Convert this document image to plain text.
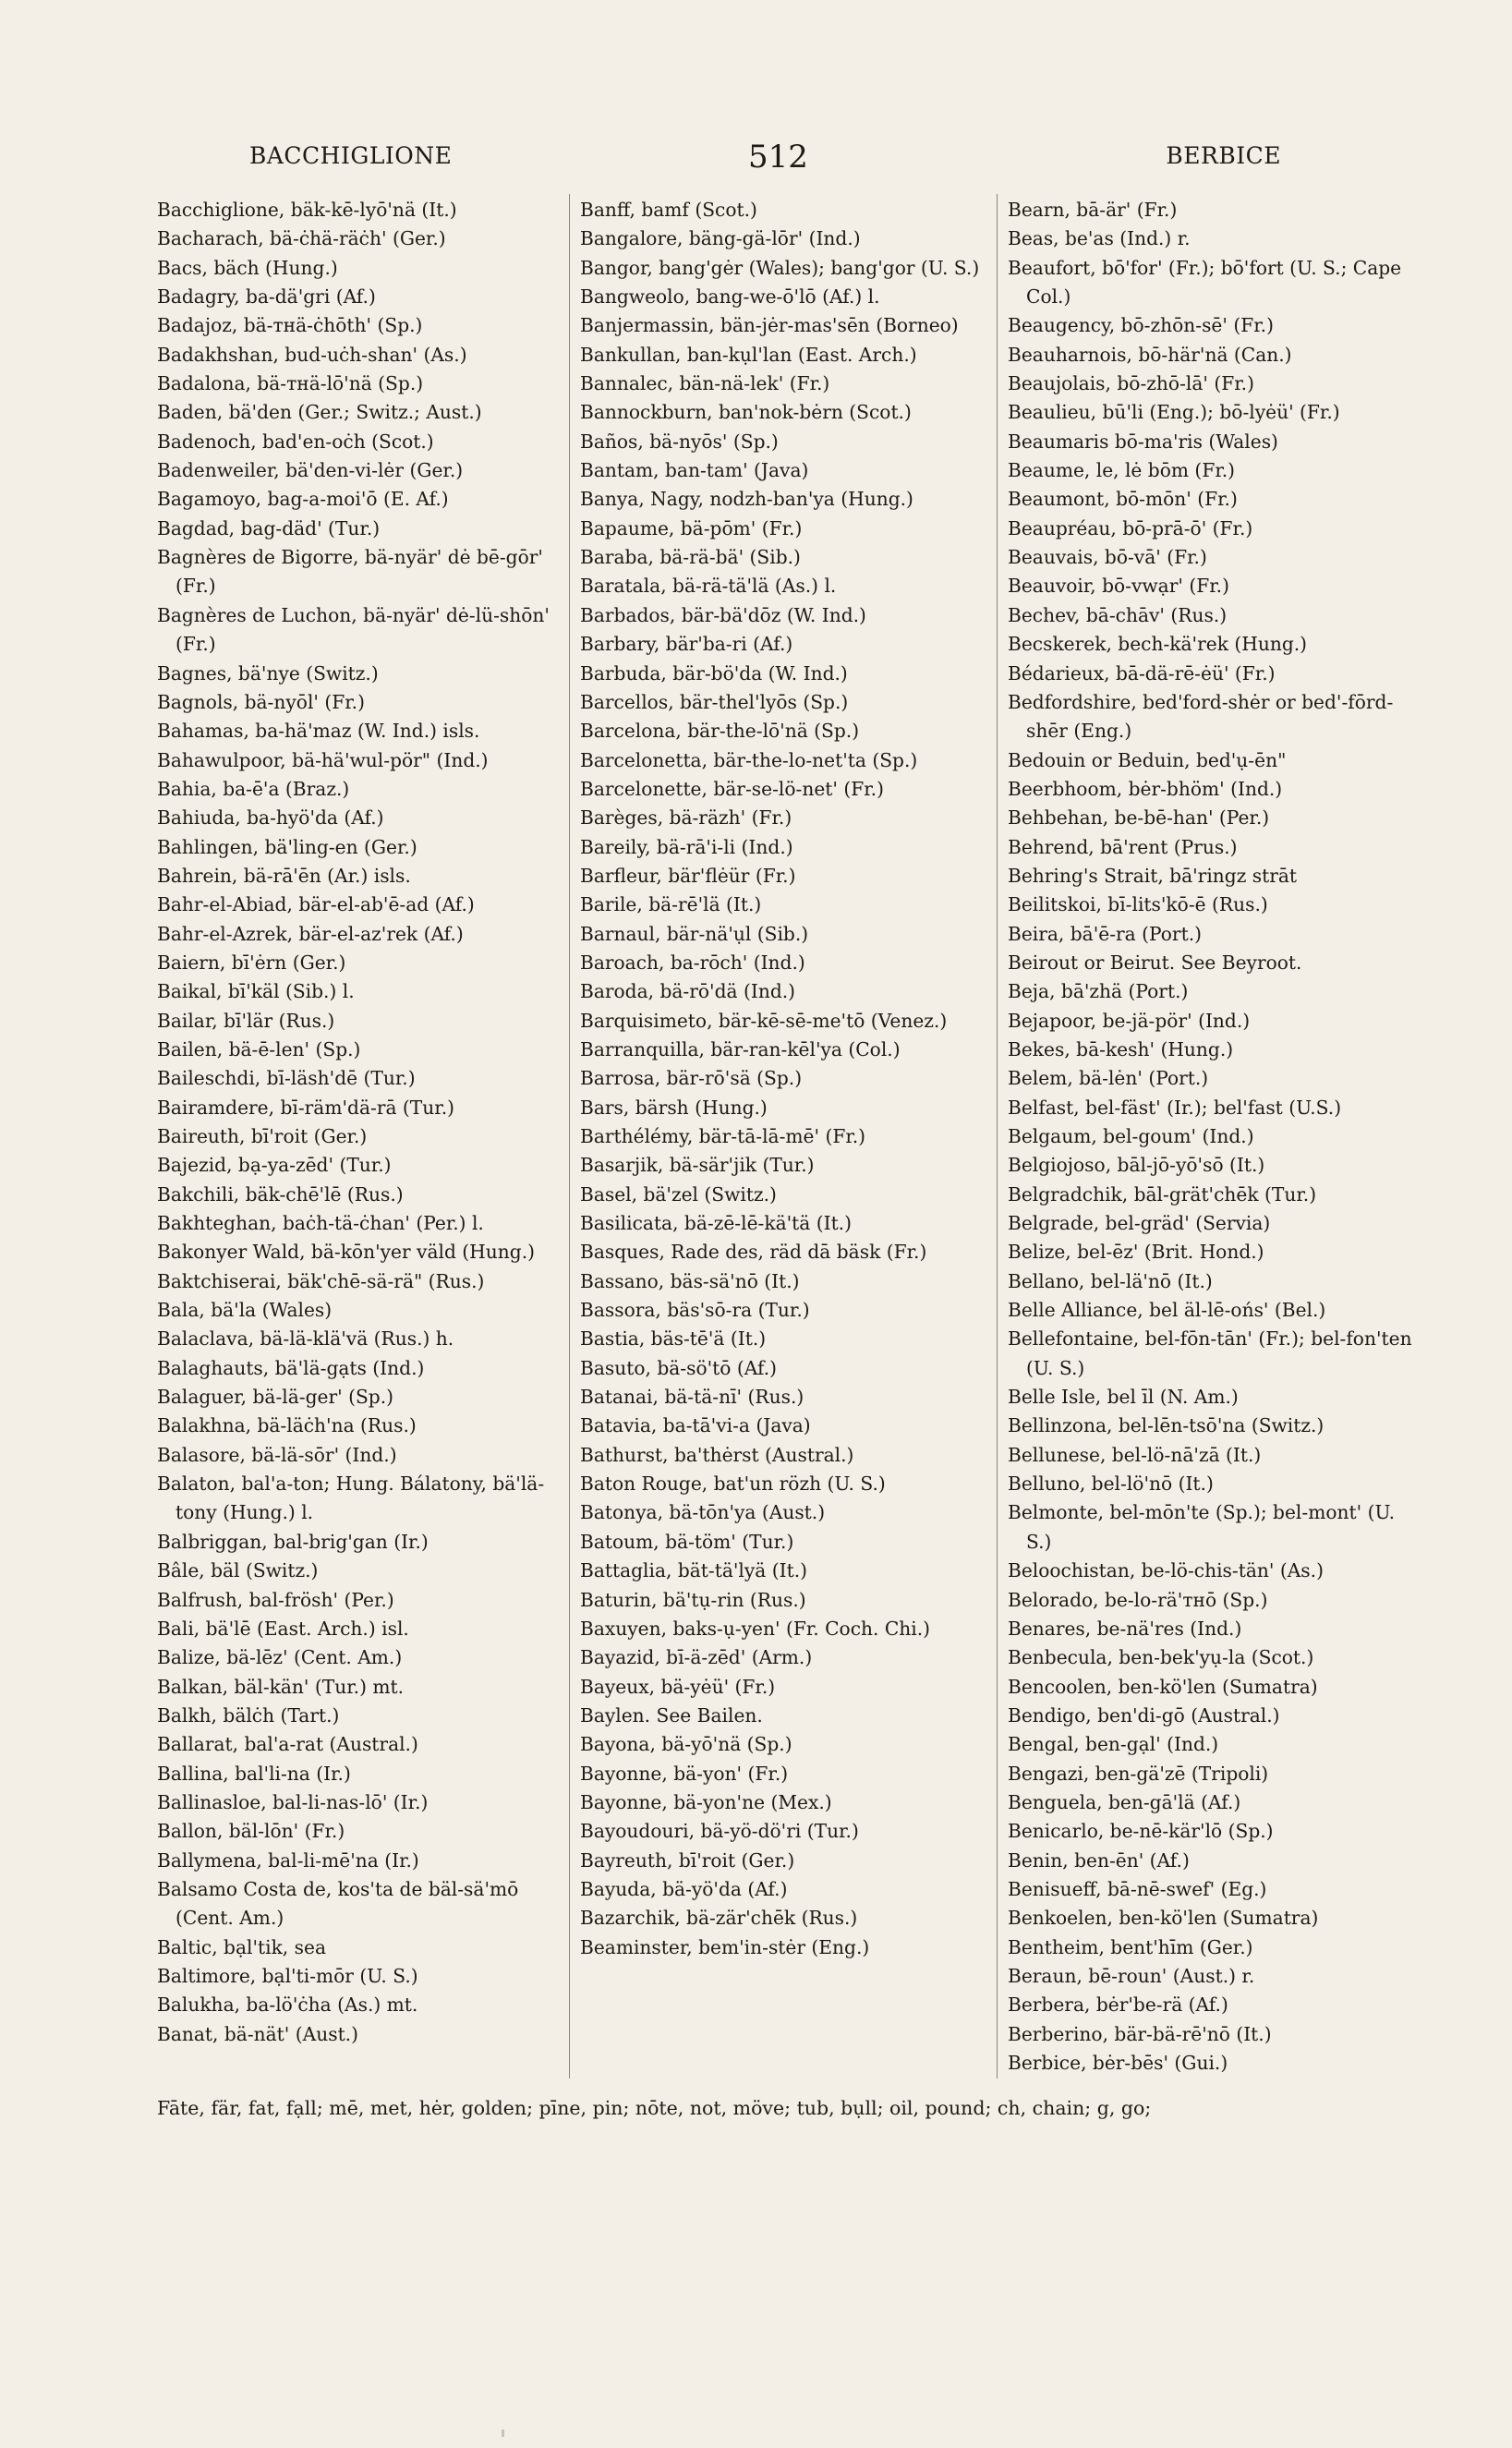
BACCHIGLIONE	512	BERBICE
Bacchiglione, bäk-kē-lyō'nä (It.)
Bacharach, bä-ċhä-räċh' (Ger.)
Bacs, bäch (Hung.)
Badagry, ba-dä'gri (Af.)
Badajoz, bä-ᴛʜä-ċhōth' (Sp.)
Badakhshan, bud-uċh-shan' (As.)
Badalona, bä-ᴛʜä-lō'nä (Sp.)
Baden, bä'den (Ger.; Switz.; Aust.)
Badenoch, bad'en-oċh (Scot.)
Badenweiler, bä'den-vi-lėr (Ger.)
Bagamoyo, bag-a-moi'ō (E. Af.)
Bagdad, bag-däd' (Tur.)
Bagnères de Bigorre, bä-nyär' dė bē-gōr' (Fr.)
Bagnères de Luchon, bä-nyär' dė-lü-shōn' (Fr.)
Bagnes, bä'nye (Switz.)
Bagnols, bä-nyōl' (Fr.)
Bahamas, ba-hä'maz (W. Ind.) isls.
Bahawulpoor, bä-hä'wul-pör" (Ind.)
Bahia, ba-ē'a (Braz.)
Bahiuda, ba-hyö'da (Af.)
Bahlingen, bä'ling-en (Ger.)
Bahrein, bä-rā'ēn (Ar.) isls.
Bahr-el-Abiad, bär-el-ab'ē-ad (Af.)
Bahr-el-Azrek, bär-el-az'rek (Af.)
Baiern, bī'ėrn (Ger.)
Baikal, bī'käl (Sib.) l.
Bailar, bī'lär (Rus.)
Bailen, bä-ē-len' (Sp.)
Baileschdi, bī-läsh'dē (Tur.)
Bairamdere, bī-räm'dä-rā (Tur.)
Baireuth, bī'roit (Ger.)
Bajezid, bạ-ya-zēd' (Tur.)
Bakchili, bäk-chē'lē (Rus.)
Bakhteghan, baċh-tä-ċhan' (Per.) l.
Bakonyer Wald, bä-kōn'yer väld (Hung.)
Baktchiserai, bäk'chē-sä-rä" (Rus.)
Bala, bä'la (Wales)
Balaclava, bä-lä-klä'vä (Rus.) h.
Balaghauts, bä'lä-gạts (Ind.)
Balaguer, bä-lä-ger' (Sp.)
Balakhna, bä-läċh'na (Rus.)
Balasore, bä-lä-sōr' (Ind.)
Balaton, bal'a-ton; Hung. Bálatony, bä'lä-tony (Hung.) l.
Balbriggan, bal-brig'gan (Ir.)
Bâle, bäl (Switz.)
Balfrush, bal-frösh' (Per.)
Bali, bä'lē (East. Arch.) isl.
Balize, bä-lēz' (Cent. Am.)
Balkan, bäl-kän' (Tur.) mt.
Balkh, bälċh (Tart.)
Ballarat, bal'a-rat (Austral.)
Ballina, bal'li-na (Ir.)
Ballinasloe, bal-li-nas-lō' (Ir.)
Ballon, bäl-lōn' (Fr.)
Ballymena, bal-li-mē'na (Ir.)
Balsamo Costa de, kos'ta de bäl-sä'mō (Cent. Am.)
Baltic, bạl'tik, sea
Baltimore, bạl'ti-mōr (U. S.)
Balukha, ba-lö'ċha (As.) mt.
Banat, bä-nät' (Aust.)
Banff, bamf (Scot.)
Bangalore, bäng-gä-lōr' (Ind.)
Bangor, bang'gėr (Wales); bang'gor (U. S.)
Bangweolo, bang-we-ō'lō (Af.) l.
Banjermassin, bän-jėr-mas'sēn (Borneo)
Bankullan, ban-kụl'lan (East. Arch.)
Bannalec, bän-nä-lek' (Fr.)
Bannockburn, ban'nok-bėrn (Scot.)
Baños, bä-nyōs' (Sp.)
Bantam, ban-tam' (Java)
Banya, Nagy, nodzh-ban'ya (Hung.)
Bapaume, bä-pōm' (Fr.)
Baraba, bä-rä-bä' (Sib.)
Baratala, bä-rä-tä'lä (As.) l.
Barbados, bär-bä'dōz (W. Ind.)
Barbary, bär'ba-ri (Af.)
Barbuda, bär-bö'da (W. Ind.)
Barcellos, bär-thel'lyōs (Sp.)
Barcelona, bär-the-lō'nä (Sp.)
Barcelonetta, bär-the-lo-net'ta (Sp.)
Barcelonette, bär-se-lö-net' (Fr.)
Barèges, bä-räzh' (Fr.)
Bareily, bä-rā'i-li (Ind.)
Barfleur, bär'flėür (Fr.)
Barile, bä-rē'lä (It.)
Barnaul, bär-nä'ụl (Sib.)
Baroach, ba-rōch' (Ind.)
Baroda, bä-rō'dä (Ind.)
Barquisimeto, bär-kē-sē-me'tō (Venez.)
Barranquilla, bär-ran-kēl'ya (Col.)
Barrosa, bär-rō'sä (Sp.)
Bars, bärsh (Hung.)
Barthélémy, bär-tā-lā-mē' (Fr.)
Basarjik, bä-sär'jik (Tur.)
Basel, bä'zel (Switz.)
Basilicata, bä-zē-lē-kä'tä (It.)
Basques, Rade des, räd dā bäsk (Fr.)
Bassano, bäs-sä'nō (It.)
Bassora, bäs'sō-ra (Tur.)
Bastia, bäs-tē'ä (It.)
Basuto, bä-sö'tō (Af.)
Batanai, bä-tä-nī' (Rus.)
Batavia, ba-tā'vi-a (Java)
Bathurst, ba'thėrst (Austral.)
Baton Rouge, bat'un rözh (U. S.)
Batonya, bä-tōn'ya (Aust.)
Batoum, bä-töm' (Tur.)
Battaglia, bät-tä'lyä (It.)
Baturin, bä'tụ-rin (Rus.)
Baxuyen, baks-ụ-yen' (Fr. Coch. Chi.)
Bayazid, bī-ä-zēd' (Arm.)
Bayeux, bä-yėü' (Fr.)
Baylen. See Bailen.
Bayona, bä-yō'nä (Sp.)
Bayonne, bä-yon' (Fr.)
Bayonne, bä-yon'ne (Mex.)
Bayoudouri, bä-yö-dö'ri (Tur.)
Bayreuth, bī'roit (Ger.)
Bayuda, bä-yö'da (Af.)
Bazarchik, bä-zär'chēk (Rus.)
Beaminster, bem'in-stėr (Eng.)
Bearn, bā-är' (Fr.)
Beas, be'as (Ind.) r.
Beaufort, bō'for' (Fr.); bō'fort (U. S.; Cape Col.)
Beaugency, bō-zhōn-sē' (Fr.)
Beauharnois, bō-här'nä (Can.)
Beaujolais, bō-zhō-lā' (Fr.)
Beaulieu, bū'li (Eng.); bō-lyėü' (Fr.)
Beaumaris bō-ma'ris (Wales)
Beaume, le, lė bōm (Fr.)
Beaumont, bō-mōn' (Fr.)
Beaupréau, bō-prā-ō' (Fr.)
Beauvais, bō-vā' (Fr.)
Beauvoir, bō-vwạr' (Fr.)
Bechev, bā-chāv' (Rus.)
Becskerek, bech-kä'rek (Hung.)
Bédarieux, bā-dä-rē-ėü' (Fr.)
Bedfordshire, bed'ford-shėr or bed'-fōrd-shēr (Eng.)
Bedouin or Beduin, bed'ụ-ēn"
Beerbhoom, bėr-bhöm' (Ind.)
Behbehan, be-bē-han' (Per.)
Behrend, bā'rent (Prus.)
Behring's Strait, bā'ringz strāt
Beilitskoi, bī-lits'kō-ē (Rus.)
Beira, bā'ē-ra (Port.)
Beirout or Beirut. See Beyroot.
Beja, bā'zhä (Port.)
Bejapoor, be-jä-pör' (Ind.)
Bekes, bā-kesh' (Hung.)
Belem, bä-lėn' (Port.)
Belfast, bel-fäst' (Ir.); bel'fast (U.S.)
Belgaum, bel-goum' (Ind.)
Belgiojoso, bāl-jō-yō'sō (It.)
Belgradchik, bāl-grät'chēk (Tur.)
Belgrade, bel-gräd' (Servia)
Belize, bel-ēz' (Brit. Hond.)
Bellano, bel-lä'nō (It.)
Belle Alliance, bel äl-lē-ońs' (Bel.)
Bellefontaine, bel-fōn-tān' (Fr.); bel-fon'ten (U. S.)
Belle Isle, bel īl (N. Am.)
Bellinzona, bel-lēn-tsō'na (Switz.)
Bellunese, bel-lö-nā'zā (It.)
Belluno, bel-lö'nō (It.)
Belmonte, bel-mōn'te (Sp.); bel-mont' (U. S.)
Beloochistan, be-lö-chis-tän' (As.)
Belorado, be-lo-rä'ᴛʜō (Sp.)
Benares, be-nä'res (Ind.)
Benbecula, ben-bek'yụ-la (Scot.)
Bencoolen, ben-kö'len (Sumatra)
Bendigo, ben'di-gō (Austral.)
Bengal, ben-gạl' (Ind.)
Bengazi, ben-gä'zē (Tripoli)
Benguela, ben-gā'lä (Af.)
Benicarlo, be-nē-kär'lō (Sp.)
Benin, ben-ēn' (Af.)
Benisueff, bā-nē-swef' (Eg.)
Benkoelen, ben-kö'len (Sumatra)
Bentheim, bent'hīm (Ger.)
Beraun, bē-roun' (Aust.) r.
Berbera, bėr'be-rä (Af.)
Berberino, bär-bä-rē'nō (It.)
Berbice, bėr-bēs' (Gui.)
Fāte, fär, fat, fạll; mē, met, hėr, golden; pīne, pin; nōte, not, möve; tub, bụll; oil, pound; ch, chain; g, go;
